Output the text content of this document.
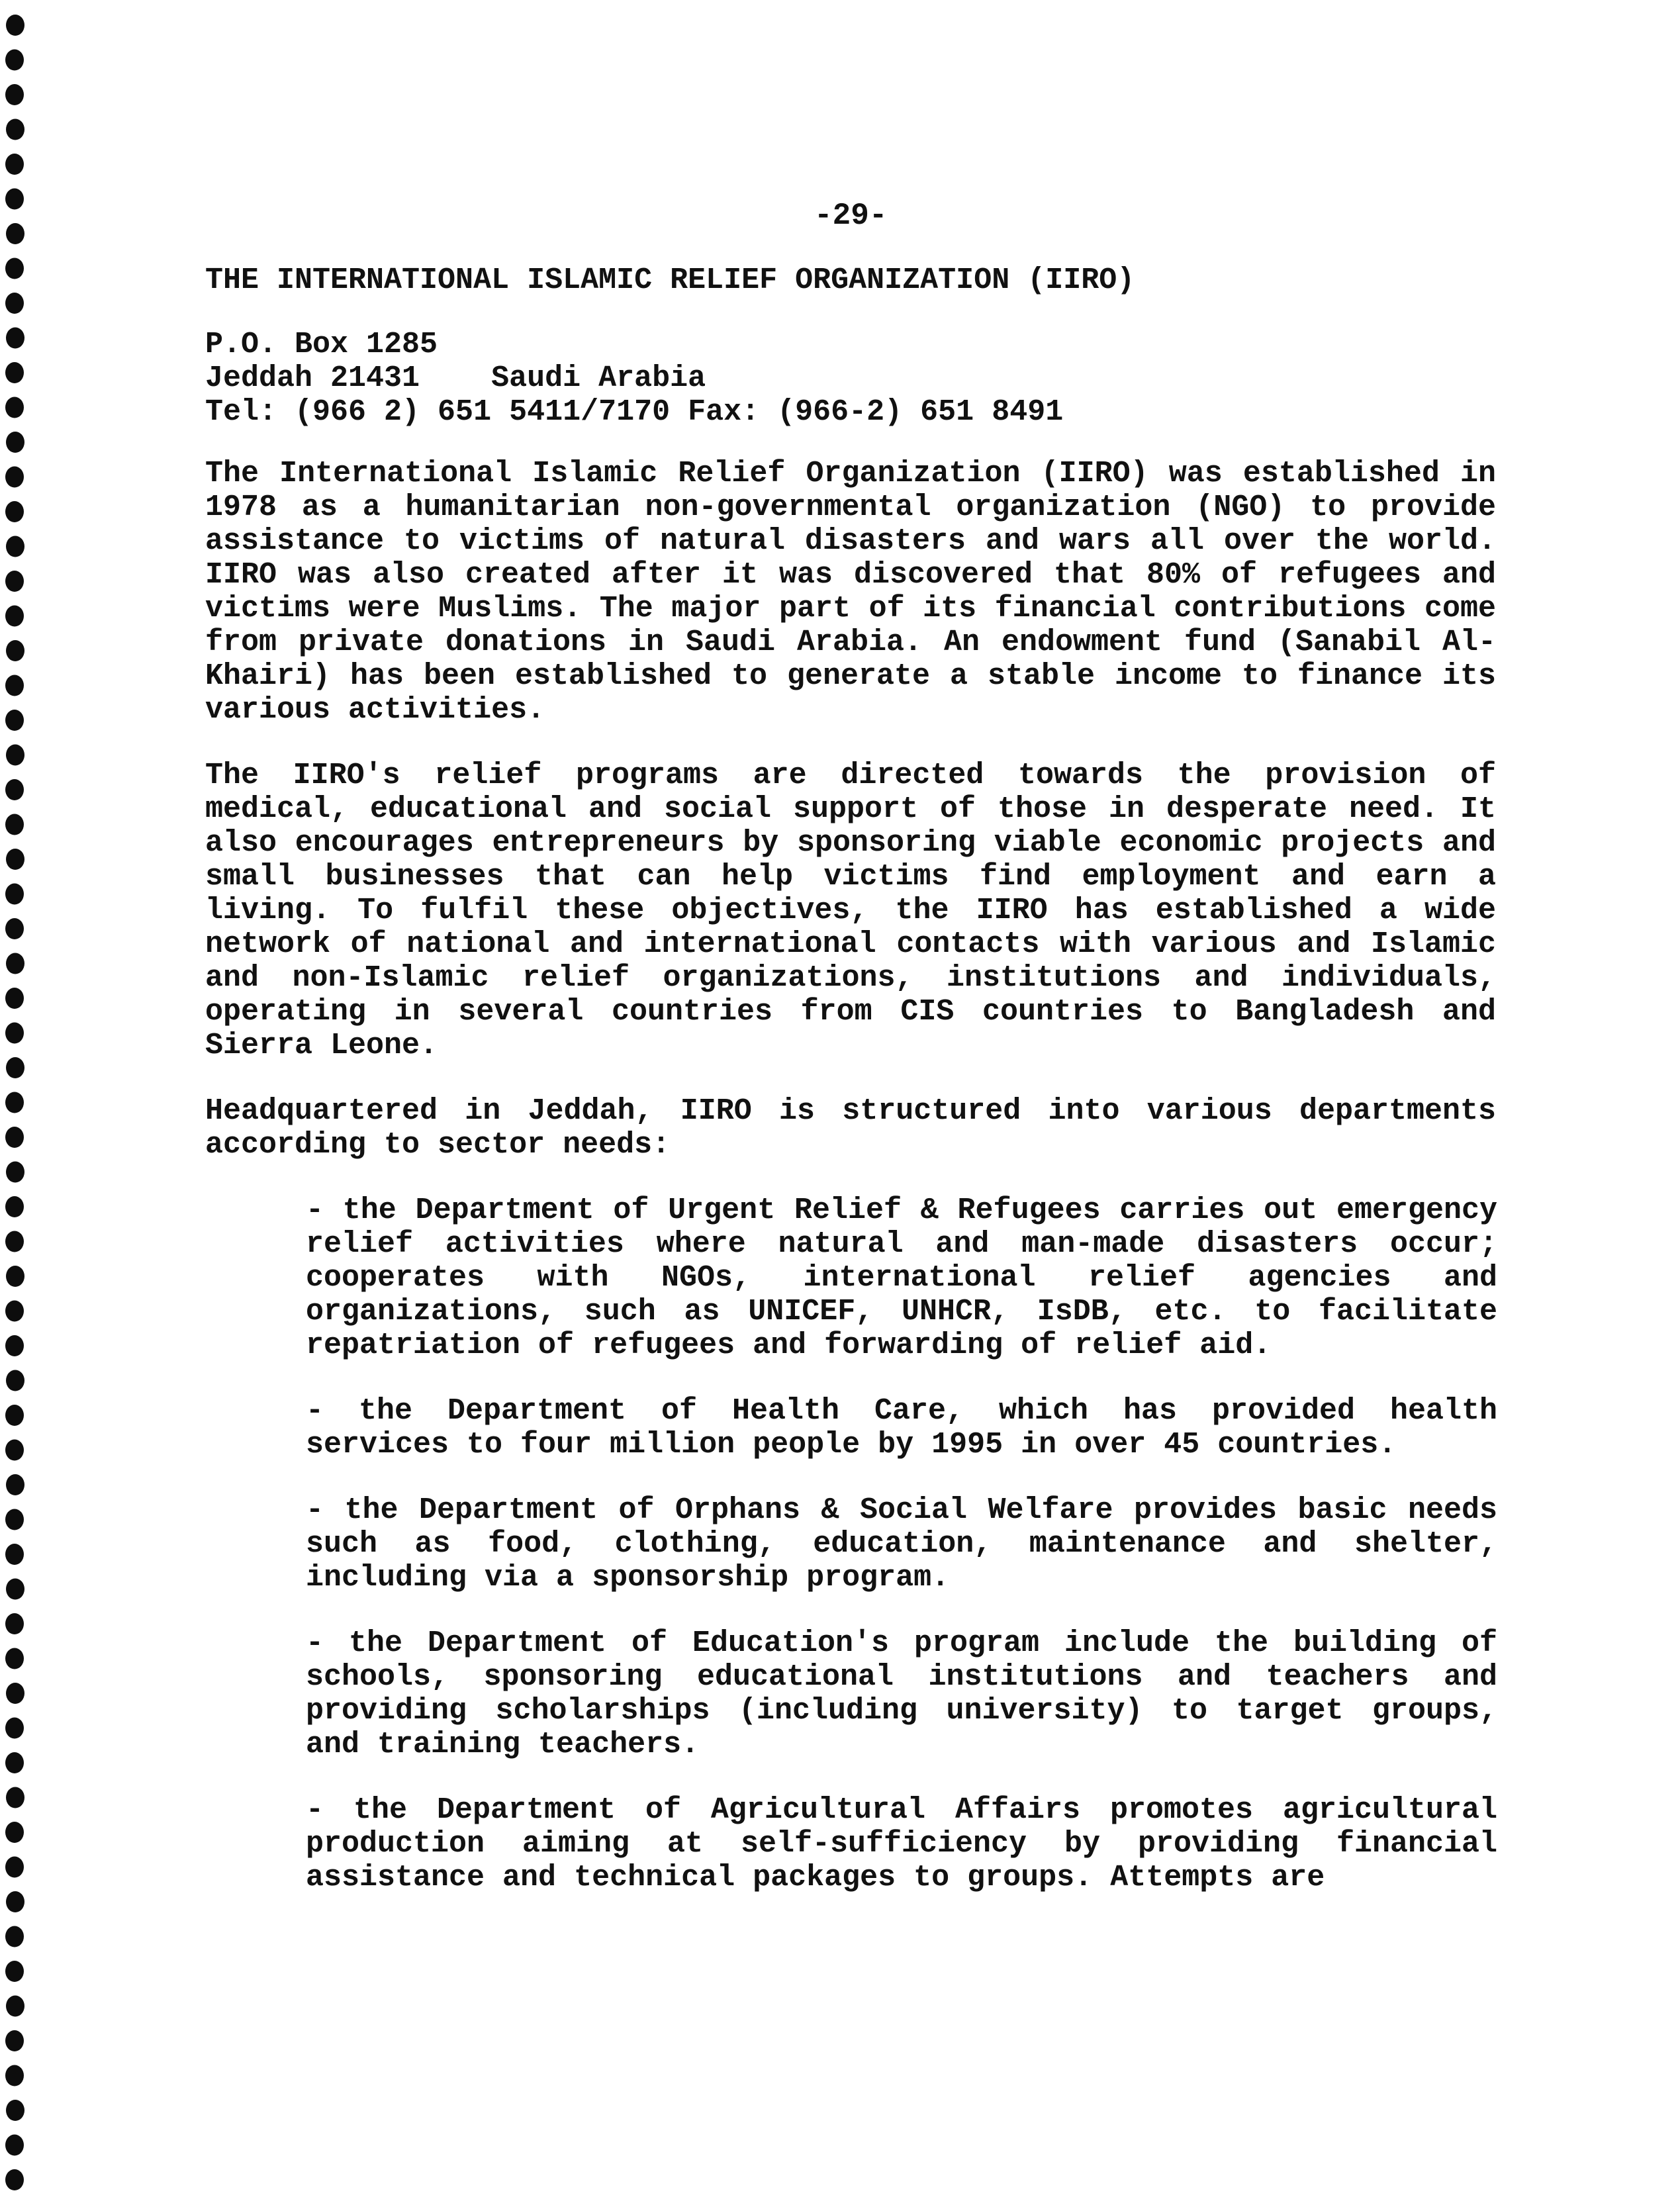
-29-
THE INTERNATIONAL ISLAMIC RELIEF ORGANIZATION (IIRO)
P.O. Box 1285
Jeddah 21431    Saudi Arabia
Tel: (966 2) 651 5411/7170 Fax: (966-2) 651 8491

The International Islamic Relief Organization (IIRO) was established in 1978 as a humanitarian non-governmental organization (NGO) to provide assistance to victims of natural disasters and wars all over the world. IIRO was also created after it was discovered that 80% of refugees and victims were Muslims. The major part of its financial contributions come from private donations in Saudi Arabia. An endowment fund (Sanabil Al-Khairi) has been established to generate a stable income to finance its various activities.

The IIRO's relief programs are directed towards the provision of medical, educational and social support of those in desperate need. It also encourages entrepreneurs by sponsoring viable economic projects and small businesses that can help victims find employment and earn a living. To fulfil these objectives, the IIRO has established a wide network of national and international contacts with various and Islamic and non-Islamic relief organizations, institutions and individuals, operating in several countries from CIS countries to Bangladesh and Sierra Leone.

Headquartered in Jeddah, IIRO is structured into various departments according to sector needs:

- the Department of Urgent Relief & Refugees carries out emergency relief activities where natural and man-made disasters occur; cooperates with NGOs, international relief agencies and organizations, such as UNICEF, UNHCR, IsDB, etc. to facilitate repatriation of refugees and forwarding of relief aid.

- the Department of Health Care, which has provided health services to four million people by 1995 in over 45 countries.

- the Department of Orphans & Social Welfare provides basic needs such as food, clothing, education, maintenance and shelter, including via a sponsorship program.

- the Department of Education's program include the building of schools, sponsoring educational institutions and teachers and providing scholarships (including university) to target groups, and training teachers.

- the Department of Agricultural Affairs promotes agricultural production aiming at self-sufficiency by providing financial assistance and technical packages to groups. Attempts are
